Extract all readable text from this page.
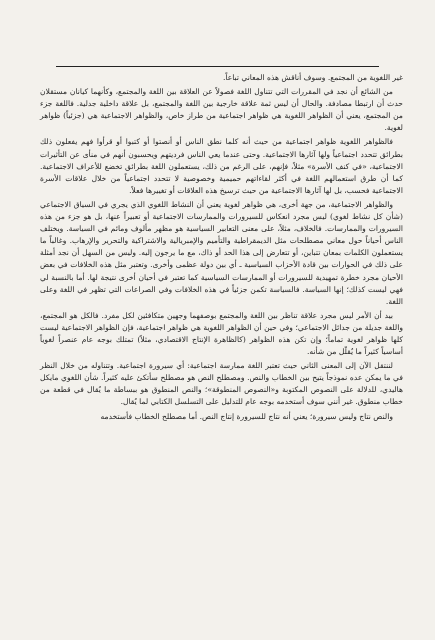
غير اللغوية من المجتمع. وسوف أناقش هذه المعاني تباعاً.

من الشائع أن نجد في المقررات التي تتناول اللغة فصولاً عن العلاقة بين اللغة والمجتمع، وكأنهما كيانان مستقلان حدث أن ارتبطا مصادفة. والحال أن ليس ثمة علاقة خارجية بين اللغة والمجتمع، بل علاقة داخلية جدلية. فاللغة جزء من المجتمع، يعني أن الظواهر اللغوية هي ظواهر اجتماعية من طراز خاص، والظواهر الاجتماعية هي (جزئياً) ظواهر لغوية.

فالظواهر اللغوية ظواهر اجتماعية من حيث أنه كلما نطق الناس أو أنصتوا أو كتبوا أو قرأوا فهم يفعلون ذلك بطرائق تتحدد اجتماعياً ولها آثارها الاجتماعية. وحتى عندما يعي الناس فرديتهم ويحسبون أنهم في منأى عن التأثيرات الاجتماعية، «في كنف الأسرة» مثلاً، فإنهم، على الرغم من ذلك، يستعملون اللغة بطرائق تخضع للأعراف الاجتماعية. كما أن طرق استعمالهم اللغة في أكثر لقاءاتهم حميمية وخصوصية لا تتحدد اجتماعياً من خلال علاقات الأسرة الاجتماعية فحسب، بل لها آثارها الاجتماعية من حيث ترسيخ هذه العلاقات أو تغييرها فعلاً.

والظواهر الاجتماعية، من جهة أخرى، هي ظواهر لغوية يعني أن النشاط اللغوي الذي يجري في السياق الاجتماعي (شأن كل نشاط لغوي) ليس مجرد انعكاس للسيرورات والممارسات الاجتماعية أو تعبيراً عنها، بل هو جزء من هذه السيرورات والممارسات. فالخلاف، مثلاً، على معنى التعابير السياسية هو مظهر مألوف ومائم في السياسة. ويختلف الناس أحياناً حول معاني مصطلحات مثل الديمقراطية والتأميم والإمبريالية والاشتراكية والتحرير والإرهاب. وغالباً ما يستعملون الكلمات بمعان تتباين، أو تتعارض إلى هذا الحد أو ذاك، مع ما يرجون إليه. وليس من السهل أن نجد أمثلة على ذلك في الحوارات بين قادة الأحزاب السياسية ـ أي بين دولة عظمى وأخرى. وتعتبر مثل هذه الخلافات في بعض الأحيان مجرد خطرة تمهيدية للسيرورات أو الممارسات السياسية كما تعتبر في أحيان أخرى نتيجة لها. أما بالنسبة لي فهي ليست كذلك؛ إنها السياسة. فالسياسة تكمن جزئياً في هذه الخلافات وفي الصراعات التي تظهر في اللغة وعلى اللغة.

بيد أن الأمر ليس مجرد علاقة تناظر بين اللغة والمجتمع بوصفهما وجهين متكافئين لكل مفرد. فالكل هو المجتمع، واللغة جديلة من جدائل الاجتماعي؛ وفي حين أن الظواهر اللغوية هي ظواهر اجتماعية، فإن الظواهر الاجتماعية ليست كلها ظواهر لغوية تماماً؛ وإن تكن هذه الظواهر (كالظاهرة الإنتاج الاقتصادي، مثلاً) تمتلك بوجه عام عنصراً لغوياً أساسياً كثيراً ما يُقلّل من شأنه.

لننتقل الآن إلى المعنى الثاني حيث تعتبر اللغة ممارسة اجتماعية: أي سيرورة اجتماعية. وتتناوله من خلال النظر في ما يمكن عده نموذجاً يتيح بين الخطاب والنص. ومصطلح النص هو مصطلح سأتكئ عليه كثيراً. شأن اللغوي مايكل هاليدي، للدلالة على النصوص المكتوبة و«النصوص المنطوقة»؛ والنص المنطوق هو ببساطة ما يُقال في قطعة من خطاب منطوق. غير أنني سوف أستخدمه بوجه عام للتدليل على التسلسل الكتابي لما يُقال.

والنص نتاج وليس سيرورة؛ يعني أنه نتاج للسيرورة إنتاج النص. أما مصطلح الخطاب فأستخدمه
